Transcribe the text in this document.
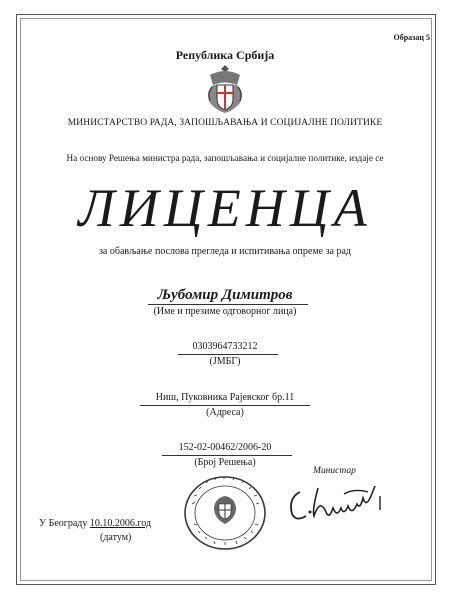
Образац 5
Република Србија
МИНИСТАРСТВО РАДА, ЗАПОШЉАВАЊА И СОЦИЈАЛНЕ ПОЛИТИКЕ
На основу Решења министра рада, запошљавања и социјалне политике, издаје се
ЛИЦЕНЦА
за обављање послова прегледа и испитивања опреме за рад
Љубомир Димитров
(Име и презиме одговорног лица)
0303964733212
(ЈМБГ)
Ниш, Пуковника Рајевског бр.11
(Адреса)
152-02-00462/2006-20
(Број Решења)
Министар
У Београду 10.10.2006.год
(датум)
